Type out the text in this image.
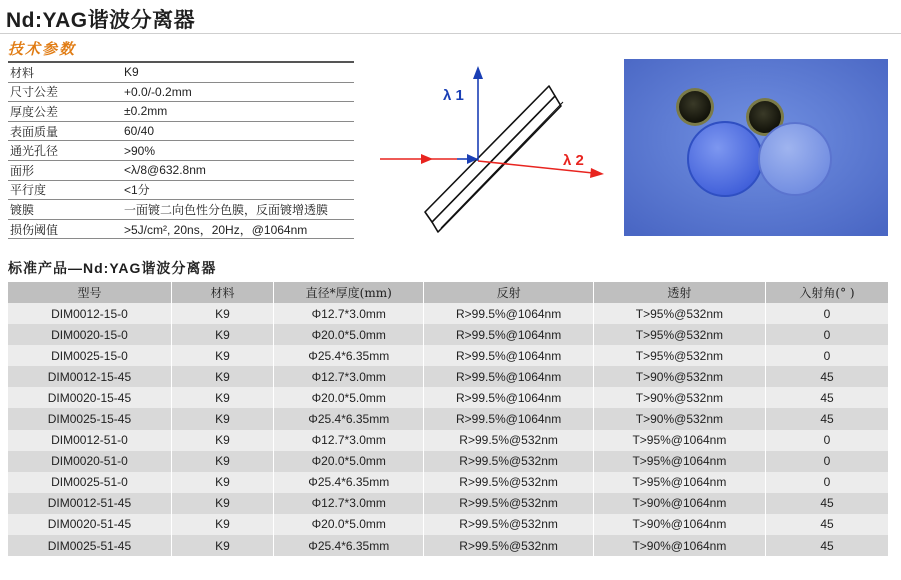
Nd:YAG谐波分离器
技术参数
材料	K9
尺寸公差	+0.0/-0.2mm
厚度公差	±0.2mm
表面质量	60/40
通光孔径	>90%
面形	<λ/8@632.8nm
平行度	<1分
镀膜	一面镀二向色性分色膜，反面镀增透膜
损伤阈值	>5J/cm², 20ns，20Hz，@1064nm
λ 1
λ 2
标准产品—Nd:YAG谐波分离器
型号	材料	直径*厚度(mm)	反射	透射	入射角(° )
DIM0012-15-0	K9	Φ12.7*3.0mm	R>99.5%@1064nm	T>95%@532nm	0
DIM0020-15-0	K9	Φ20.0*5.0mm	R>99.5%@1064nm	T>95%@532nm	0
DIM0025-15-0	K9	Φ25.4*6.35mm	R>99.5%@1064nm	T>95%@532nm	0
DIM0012-15-45	K9	Φ12.7*3.0mm	R>99.5%@1064nm	T>90%@532nm	45
DIM0020-15-45	K9	Φ20.0*5.0mm	R>99.5%@1064nm	T>90%@532nm	45
DIM0025-15-45	K9	Φ25.4*6.35mm	R>99.5%@1064nm	T>90%@532nm	45
DIM0012-51-0	K9	Φ12.7*3.0mm	R>99.5%@532nm	T>95%@1064nm	0
DIM0020-51-0	K9	Φ20.0*5.0mm	R>99.5%@532nm	T>95%@1064nm	0
DIM0025-51-0	K9	Φ25.4*6.35mm	R>99.5%@532nm	T>95%@1064nm	0
DIM0012-51-45	K9	Φ12.7*3.0mm	R>99.5%@532nm	T>90%@1064nm	45
DIM0020-51-45	K9	Φ20.0*5.0mm	R>99.5%@532nm	T>90%@1064nm	45
DIM0025-51-45	K9	Φ25.4*6.35mm	R>99.5%@532nm	T>90%@1064nm	45
